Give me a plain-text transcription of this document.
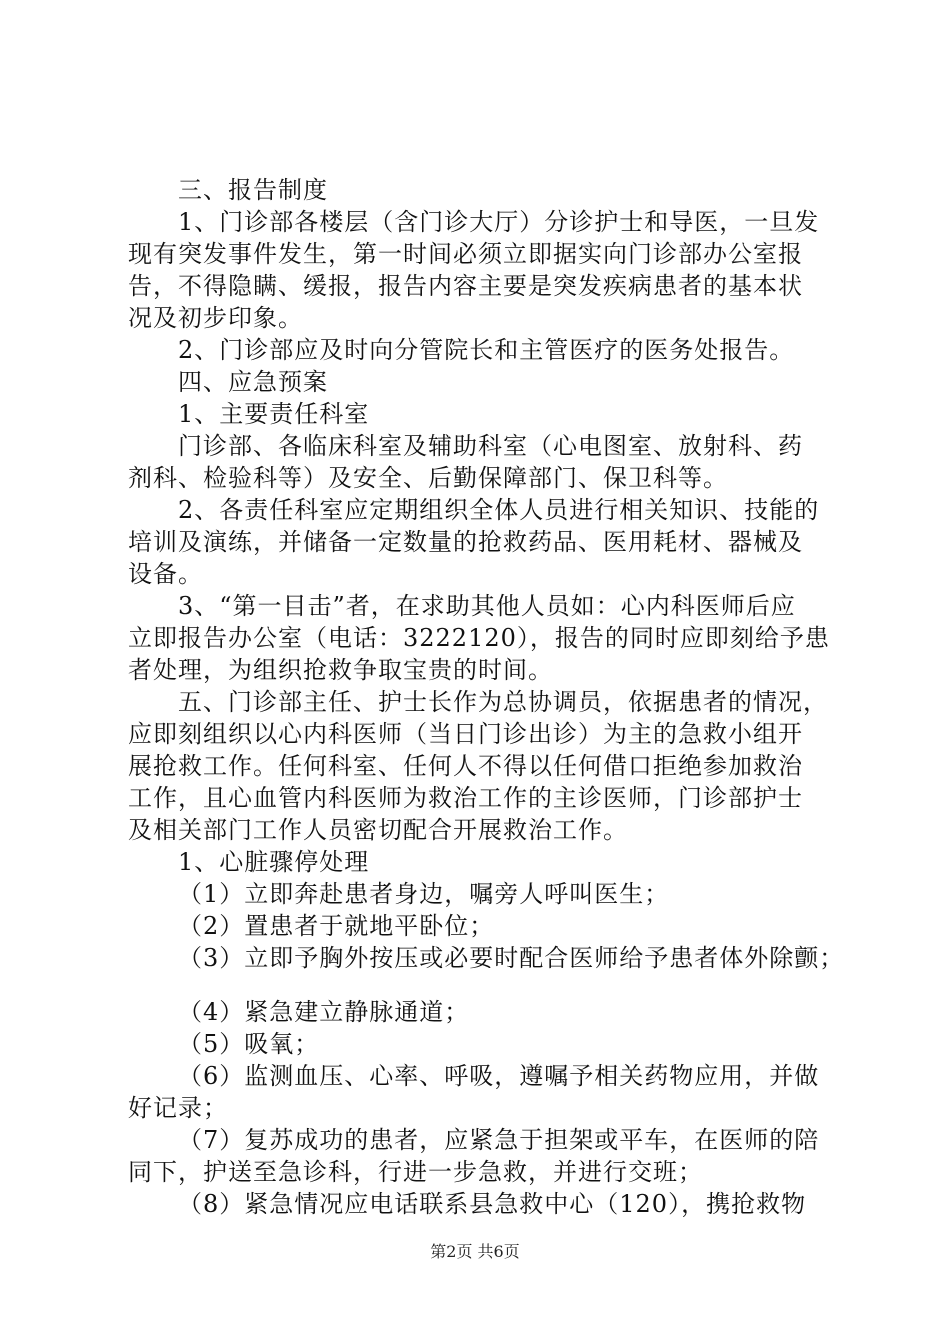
三、报告制度
1、门诊部各楼层（含门诊大厅）分诊护士和导医，一旦发
现有突发事件发生，第一时间必须立即据实向门诊部办公室报
告，不得隐瞒、缓报，报告内容主要是突发疾病患者的基本状
况及初步印象。
2、门诊部应及时向分管院长和主管医疗的医务处报告。
四、应急预案
1、主要责任科室
门诊部、各临床科室及辅助科室（心电图室、放射科、药
剂科、检验科等）及安全、后勤保障部门、保卫科等。
2、各责任科室应定期组织全体人员进行相关知识、技能的
培训及演练，并储备一定数量的抢救药品、医用耗材、器械及
设备。
3、“第一目击”者，在求助其他人员如：心内科医师后应
立即报告办公室（电话：3222120），报告的同时应即刻给予患
者处理，为组织抢救争取宝贵的时间。
五、门诊部主任、护士长作为总协调员，依据患者的情况，
应即刻组织以心内科医师（当日门诊出诊）为主的急救小组开
展抢救工作。任何科室、任何人不得以任何借口拒绝参加救治
工作，且心血管内科医师为救治工作的主诊医师，门诊部护士
及相关部门工作人员密切配合开展救治工作。
1、心脏骤停处理
（1）立即奔赴患者身边，嘱旁人呼叫医生；
（2）置患者于就地平卧位；
（3）立即予胸外按压或必要时配合医师给予患者体外除颤；
（4）紧急建立静脉通道；
（5）吸氧；
（6）监测血压、心率、呼吸，遵嘱予相关药物应用，并做
好记录；
（7）复苏成功的患者，应紧急于担架或平车，在医师的陪
同下，护送至急诊科，行进一步急救，并进行交班；
（8）紧急情况应电话联系县急救中心（120），携抢救物
第2页 共6页
